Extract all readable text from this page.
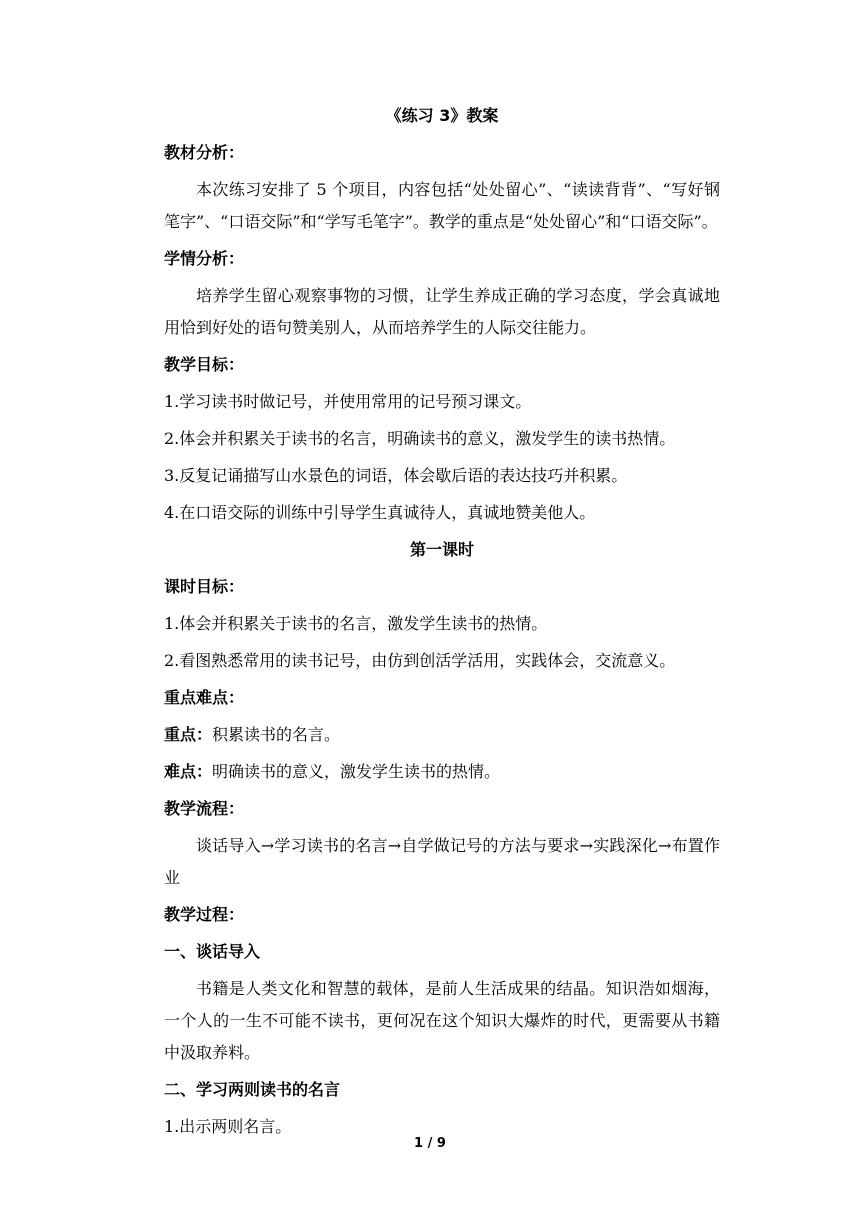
《练习 3》教案
教材分析：

本次练习安排了 5 个项目，内容包括“处处留心”、“读读背背”、“写好钢笔字”、“口语交际”和“学写毛笔字”。教学的重点是“处处留心”和“口语交际”。

学情分析：

培养学生留心观察事物的习惯，让学生养成正确的学习态度，学会真诚地用恰到好处的语句赞美别人，从而培养学生的人际交往能力。

教学目标：
1.学习读书时做记号，并使用常用的记号预习课文。
2.体会并积累关于读书的名言，明确读书的意义，激发学生的读书热情。
3.反复记诵描写山水景色的词语，体会歇后语的表达技巧并积累。
4.在口语交际的训练中引导学生真诚待人，真诚地赞美他人。
第一课时
课时目标：
1.体会并积累关于读书的名言，激发学生读书的热情。
2.看图熟悉常用的读书记号，由仿到创活学活用，实践体会，交流意义。
重点难点：
重点：积累读书的名言。
难点：明确读书的意义，激发学生读书的热情。
教学流程：

谈话导入→学习读书的名言→自学做记号的方法与要求→实践深化→布置作业

教学过程：
一、谈话导入

书籍是人类文化和智慧的载体，是前人生活成果的结晶。知识浩如烟海，一个人的一生不可能不读书，更何况在这个知识大爆炸的时代，更需要从书籍中汲取养料。

二、学习两则读书的名言
1.出示两则名言。
1 / 9
